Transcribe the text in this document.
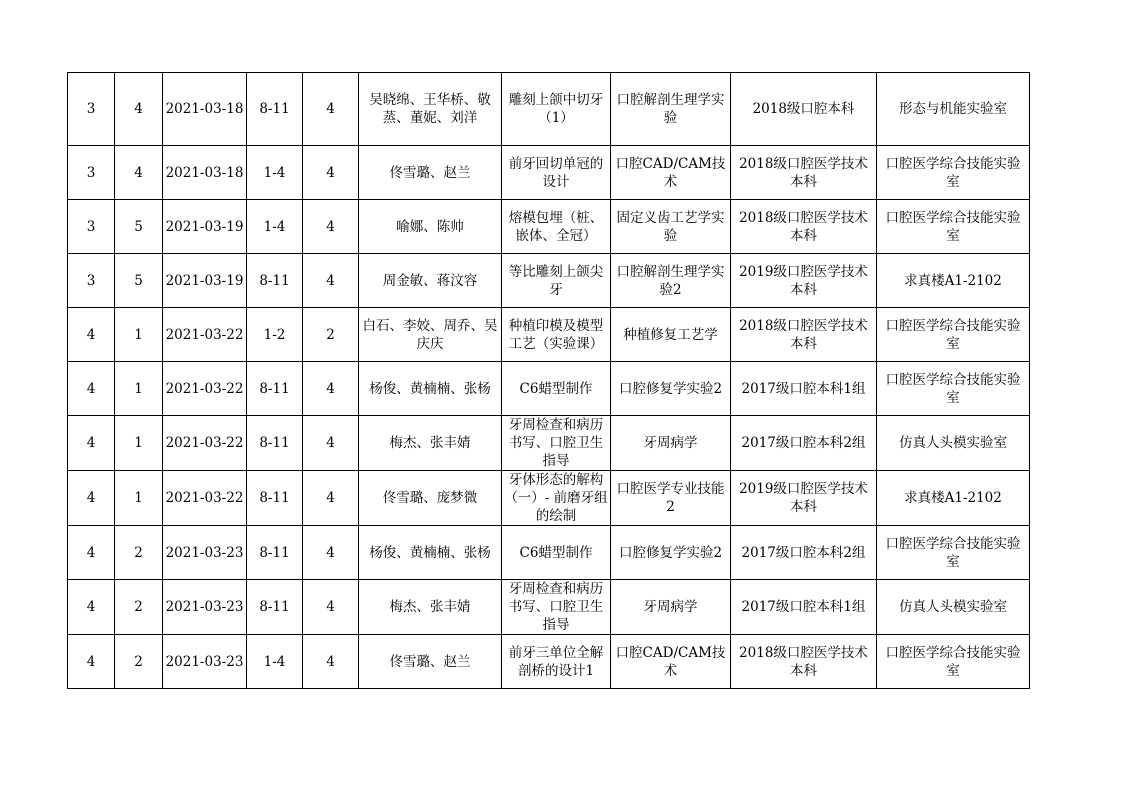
3	4	2021-03-18	8-11	4	吴晓绵、王华桥、敬蒸、董妮、刘洋	雕刻上颌中切牙（1）	口腔解剖生理学实验	2018级口腔本科	形态与机能实验室
3	4	2021-03-18	1-4	4	佟雪璐、赵兰	前牙回切单冠的设计	口腔CAD/CAM技术	2018级口腔医学技术本科	口腔医学综合技能实验室
3	5	2021-03-19	1-4	4	喻娜、陈帅	熔模包埋（桩、嵌体、全冠）	固定义齿工艺学实验	2018级口腔医学技术本科	口腔医学综合技能实验室
3	5	2021-03-19	8-11	4	周金敏、蒋汶容	等比雕刻上颌尖牙	口腔解剖生理学实验2	2019级口腔医学技术本科	求真楼A1-2102
4	1	2021-03-22	1-2	2	白石、李姣、周乔、吴庆庆	种植印模及模型工艺（实验课）	种植修复工艺学	2018级口腔医学技术本科	口腔医学综合技能实验室
4	1	2021-03-22	8-11	4	杨俊、黄楠楠、张杨	C6蜡型制作	口腔修复学实验2	2017级口腔本科1组	口腔医学综合技能实验室
4	1	2021-03-22	8-11	4	梅杰、张丰婧	牙周检查和病历书写、口腔卫生指导	牙周病学	2017级口腔本科2组	仿真人头模实验室
4	1	2021-03-22	8-11	4	佟雪璐、庞梦微	牙体形态的解构（一）- 前磨牙组的绘制	口腔医学专业技能2	2019级口腔医学技术本科	求真楼A1-2102
4	2	2021-03-23	8-11	4	杨俊、黄楠楠、张杨	C6蜡型制作	口腔修复学实验2	2017级口腔本科2组	口腔医学综合技能实验室
4	2	2021-03-23	8-11	4	梅杰、张丰婧	牙周检查和病历书写、口腔卫生指导	牙周病学	2017级口腔本科1组	仿真人头模实验室
4	2	2021-03-23	1-4	4	佟雪璐、赵兰	前牙三单位全解剖桥的设计1	口腔CAD/CAM技术	2018级口腔医学技术本科	口腔医学综合技能实验室
